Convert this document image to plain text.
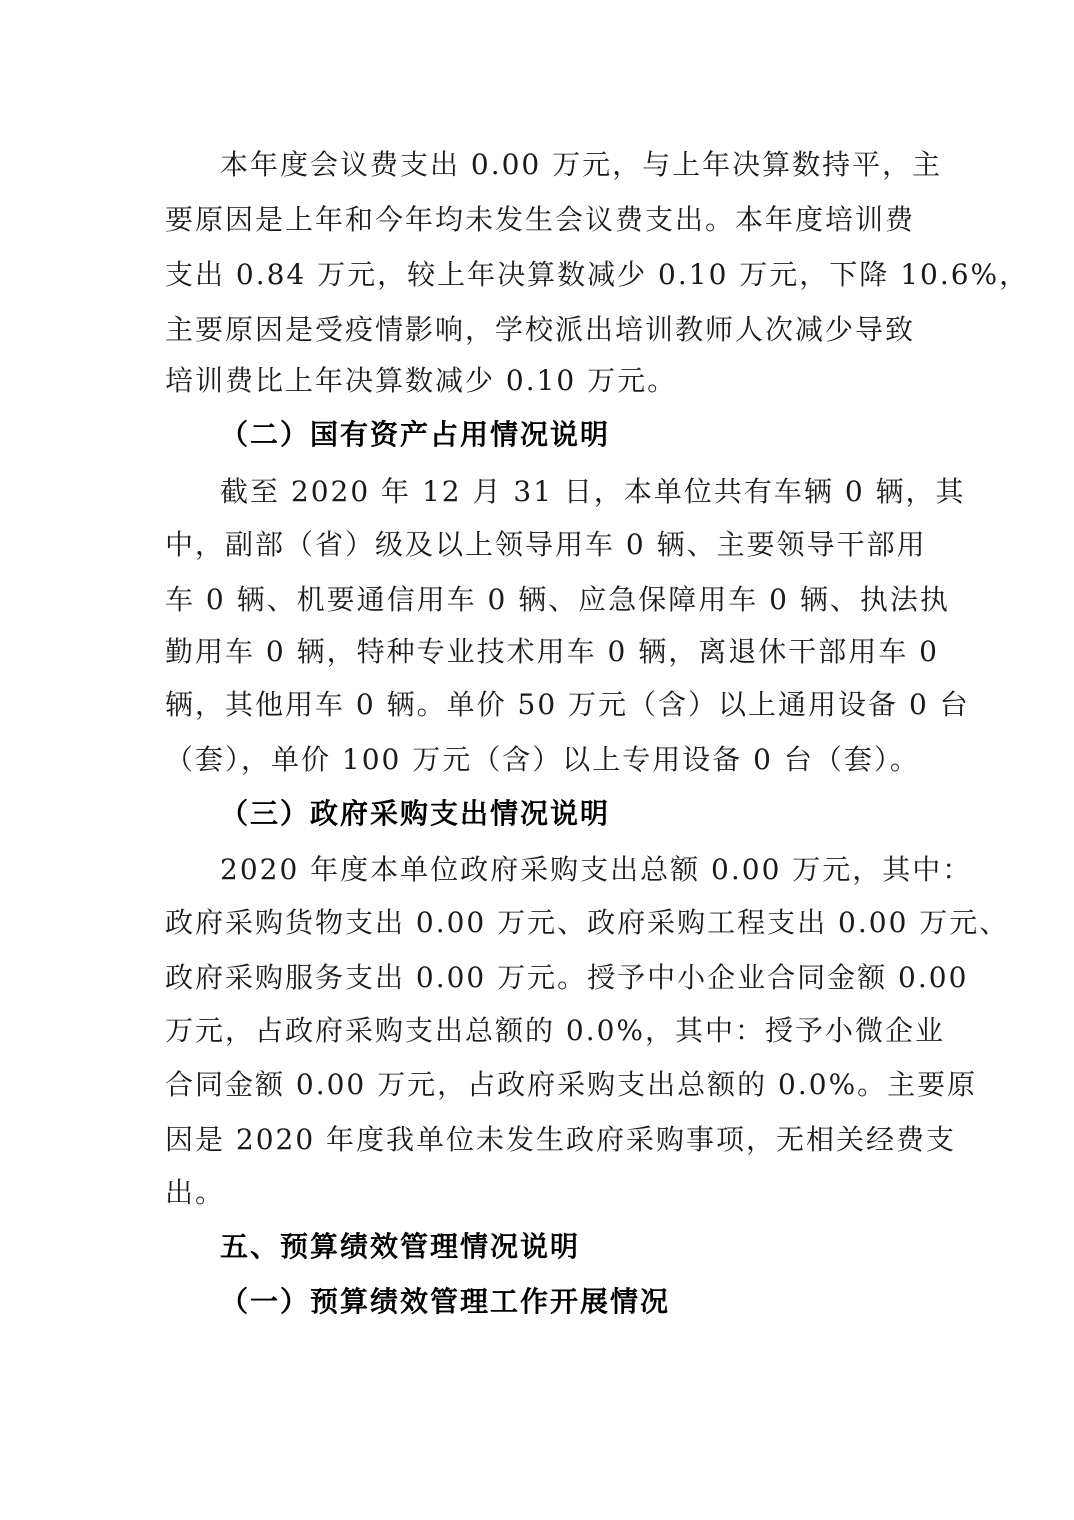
本年度会议费支出 0.00 万元，与上年决算数持平，主
要原因是上年和今年均未发生会议费支出。本年度培训费
支出 0.84 万元，较上年决算数减少 0.10 万元，下降 10.6%，
主要原因是受疫情影响，学校派出培训教师人次减少导致
培训费比上年决算数减少 0.10 万元。
（二）国有资产占用情况说明
截至 2020 年 12 月 31 日，本单位共有车辆 0 辆，其
中，副部（省）级及以上领导用车 0 辆、主要领导干部用
车 0 辆、机要通信用车 0 辆、应急保障用车 0 辆、执法执
勤用车 0 辆，特种专业技术用车 0 辆，离退休干部用车 0
辆，其他用车 0 辆。单价 50 万元（含）以上通用设备 0 台
（套），单价 100 万元（含）以上专用设备 0 台（套）。
（三）政府采购支出情况说明
2020 年度本单位政府采购支出总额 0.00 万元，其中：
政府采购货物支出 0.00 万元、政府采购工程支出 0.00 万元、
政府采购服务支出 0.00 万元。授予中小企业合同金额 0.00
万元，占政府采购支出总额的 0.0%，其中：授予小微企业
合同金额 0.00 万元，占政府采购支出总额的 0.0%。主要原
因是 2020 年度我单位未发生政府采购事项，无相关经费支
出。
五、预算绩效管理情况说明
（一）预算绩效管理工作开展情况
